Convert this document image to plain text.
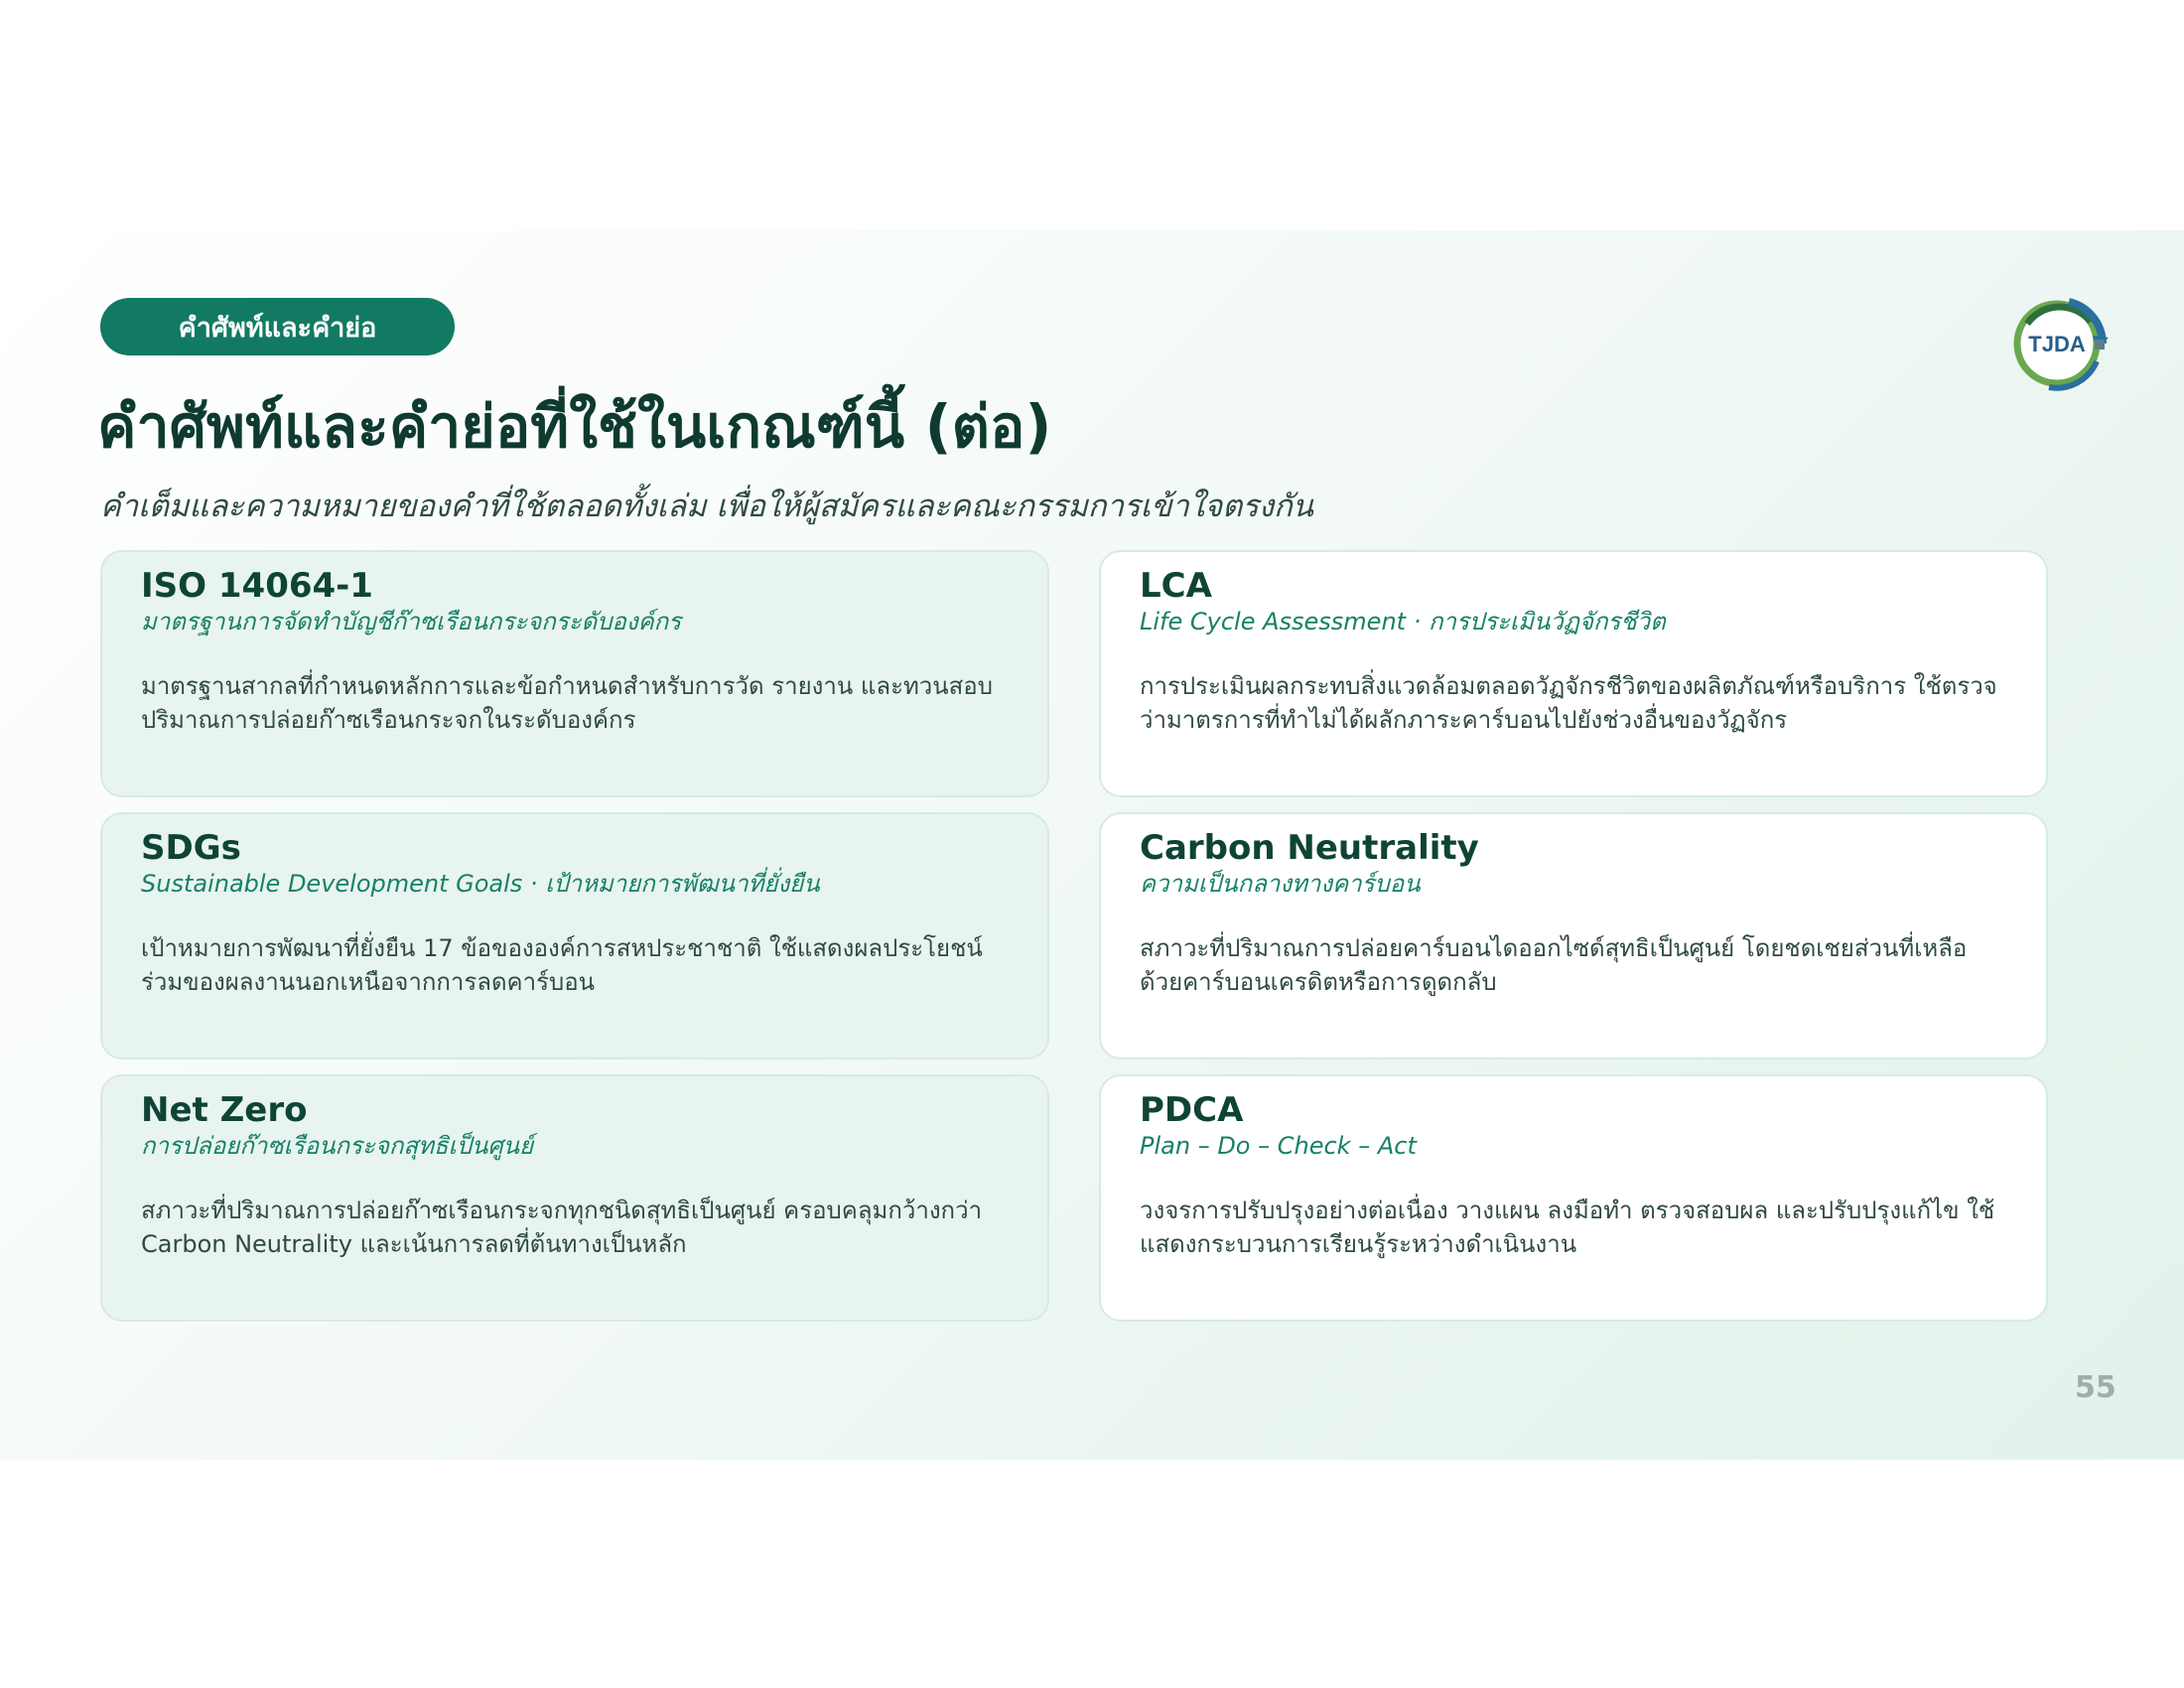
คำศัพท์และคำย่อ
คำศัพท์และคำย่อที่ใช้ในเกณฑ์นี้ (ต่อ)
คำเต็มและความหมายของคำที่ใช้ตลอดทั้งเล่ม เพื่อให้ผู้สมัครและคณะกรรมการเข้าใจตรงกัน
TJDA
ISO 14064-1
มาตรฐานการจัดทำบัญชีก๊าซเรือนกระจกระดับองค์กร
มาตรฐานสากลที่กำหนดหลักการและข้อกำหนดสำหรับการวัด รายงาน และทวนสอบปริมาณการปล่อยก๊าซเรือนกระจกในระดับองค์กร
LCA
Life Cycle Assessment · การประเมินวัฏจักรชีวิต
การประเมินผลกระทบสิ่งแวดล้อมตลอดวัฏจักรชีวิตของผลิตภัณฑ์หรือบริการ ใช้ตรวจว่ามาตรการที่ทำไม่ได้ผลักภาระคาร์บอนไปยังช่วงอื่นของวัฏจักร
SDGs
Sustainable Development Goals · เป้าหมายการพัฒนาที่ยั่งยืน
เป้าหมายการพัฒนาที่ยั่งยืน 17 ข้อขององค์การสหประชาชาติ ใช้แสดงผลประโยชน์ร่วมของผลงานนอกเหนือจากการลดคาร์บอน
Carbon Neutrality
ความเป็นกลางทางคาร์บอน
สภาวะที่ปริมาณการปล่อยคาร์บอนไดออกไซด์สุทธิเป็นศูนย์ โดยชดเชยส่วนที่เหลือด้วยคาร์บอนเครดิตหรือการดูดกลับ
Net Zero
การปล่อยก๊าซเรือนกระจกสุทธิเป็นศูนย์
สภาวะที่ปริมาณการปล่อยก๊าซเรือนกระจกทุกชนิดสุทธิเป็นศูนย์ ครอบคลุมกว้างกว่า Carbon Neutrality และเน้นการลดที่ต้นทางเป็นหลัก
PDCA
Plan – Do – Check – Act
วงจรการปรับปรุงอย่างต่อเนื่อง วางแผน ลงมือทำ ตรวจสอบผล และปรับปรุงแก้ไข ใช้แสดงกระบวนการเรียนรู้ระหว่างดำเนินงาน
55
